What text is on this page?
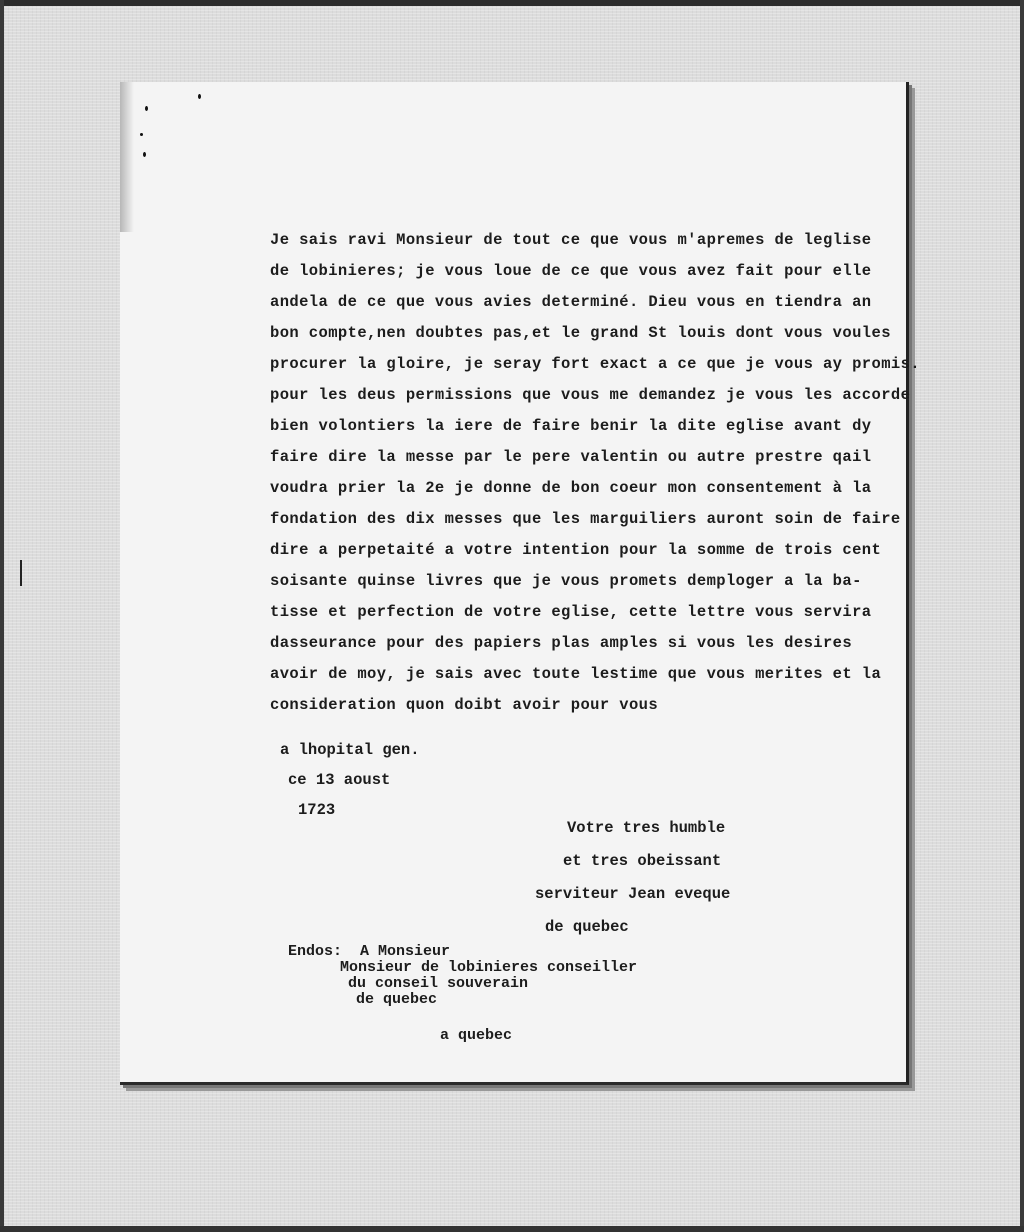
Je sais ravi Monsieur de tout ce que vous m'apremes de leglise
de lobinieres; je vous loue de ce que vous avez fait pour elle
andela de ce que vous avies determiné. Dieu vous en tiendra an
bon compte,nen doubtes pas,et le grand St louis dont vous voules
procurer la gloire, je seray fort exact a ce que je vous ay promis.
pour les deus permissions que vous me demandez je vous les accorde
bien volontiers la iere de faire benir la dite eglise avant dy
faire dire la messe par le pere valentin ou autre prestre qail
voudra prier la 2e je donne de bon coeur mon consentement à la
fondation des dix messes que les marguiliers auront soin de faire
dire a perpetaité a votre intention pour la somme de trois cent
soisante quinse livres que je vous promets demploger a la ba-
tisse et perfection de votre eglise, cette lettre vous servira
dasseurance pour des papiers plas amples si vous les desires
avoir de moy, je sais avec toute lestime que vous merites et la
consideration quon doibt avoir pour vous
a lhopital gen.
ce 13 aoust
1723
Votre tres humble
et tres obeissant
serviteur Jean eveque
de quebec
Endos:  A Monsieur
Monsieur de lobinieres conseiller
du conseil souverain
de quebec
a quebec
